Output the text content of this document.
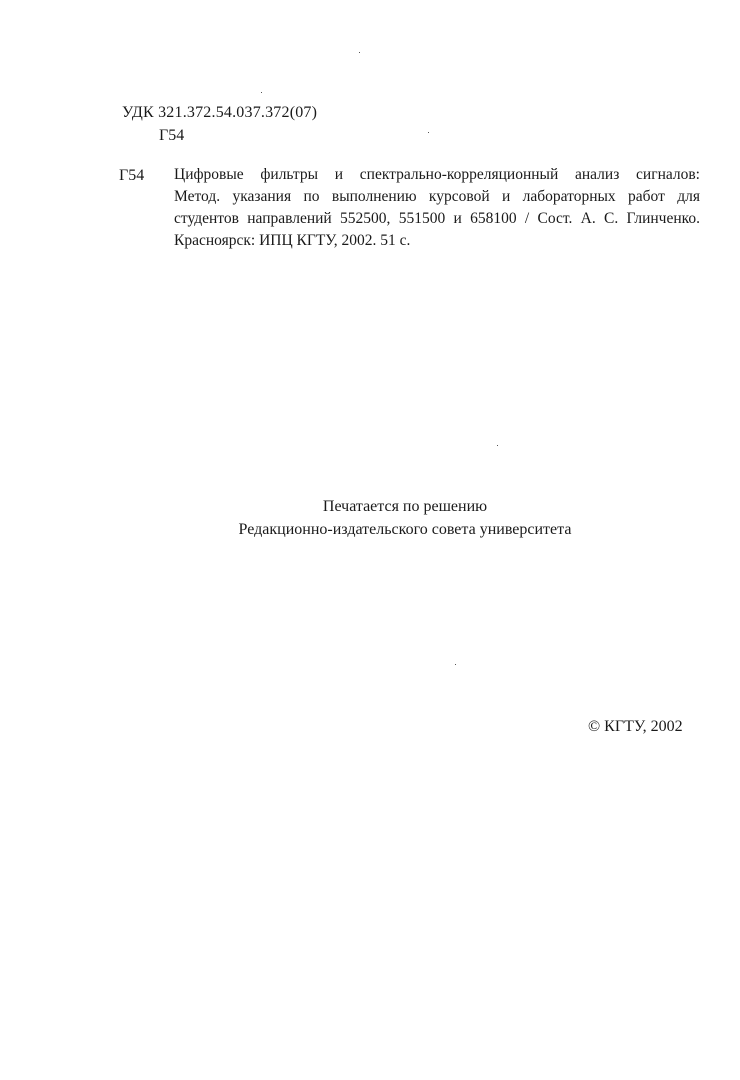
УДК 321.372.54.037.372(07)
Г54
Г54 Цифровые фильтры и спектрально-корреляционный анализ сигналов:
Метод. указания по выполнению курсовой и лабораторных работ для
студентов направлений 552500, 551500 и 658100 / Сост. А. С. Глинченко.
Красноярск: ИПЦ КГТУ, 2002. 51 с.
Печатается по решению
Редакционно-издательского совета университета
© КГТУ, 2002
